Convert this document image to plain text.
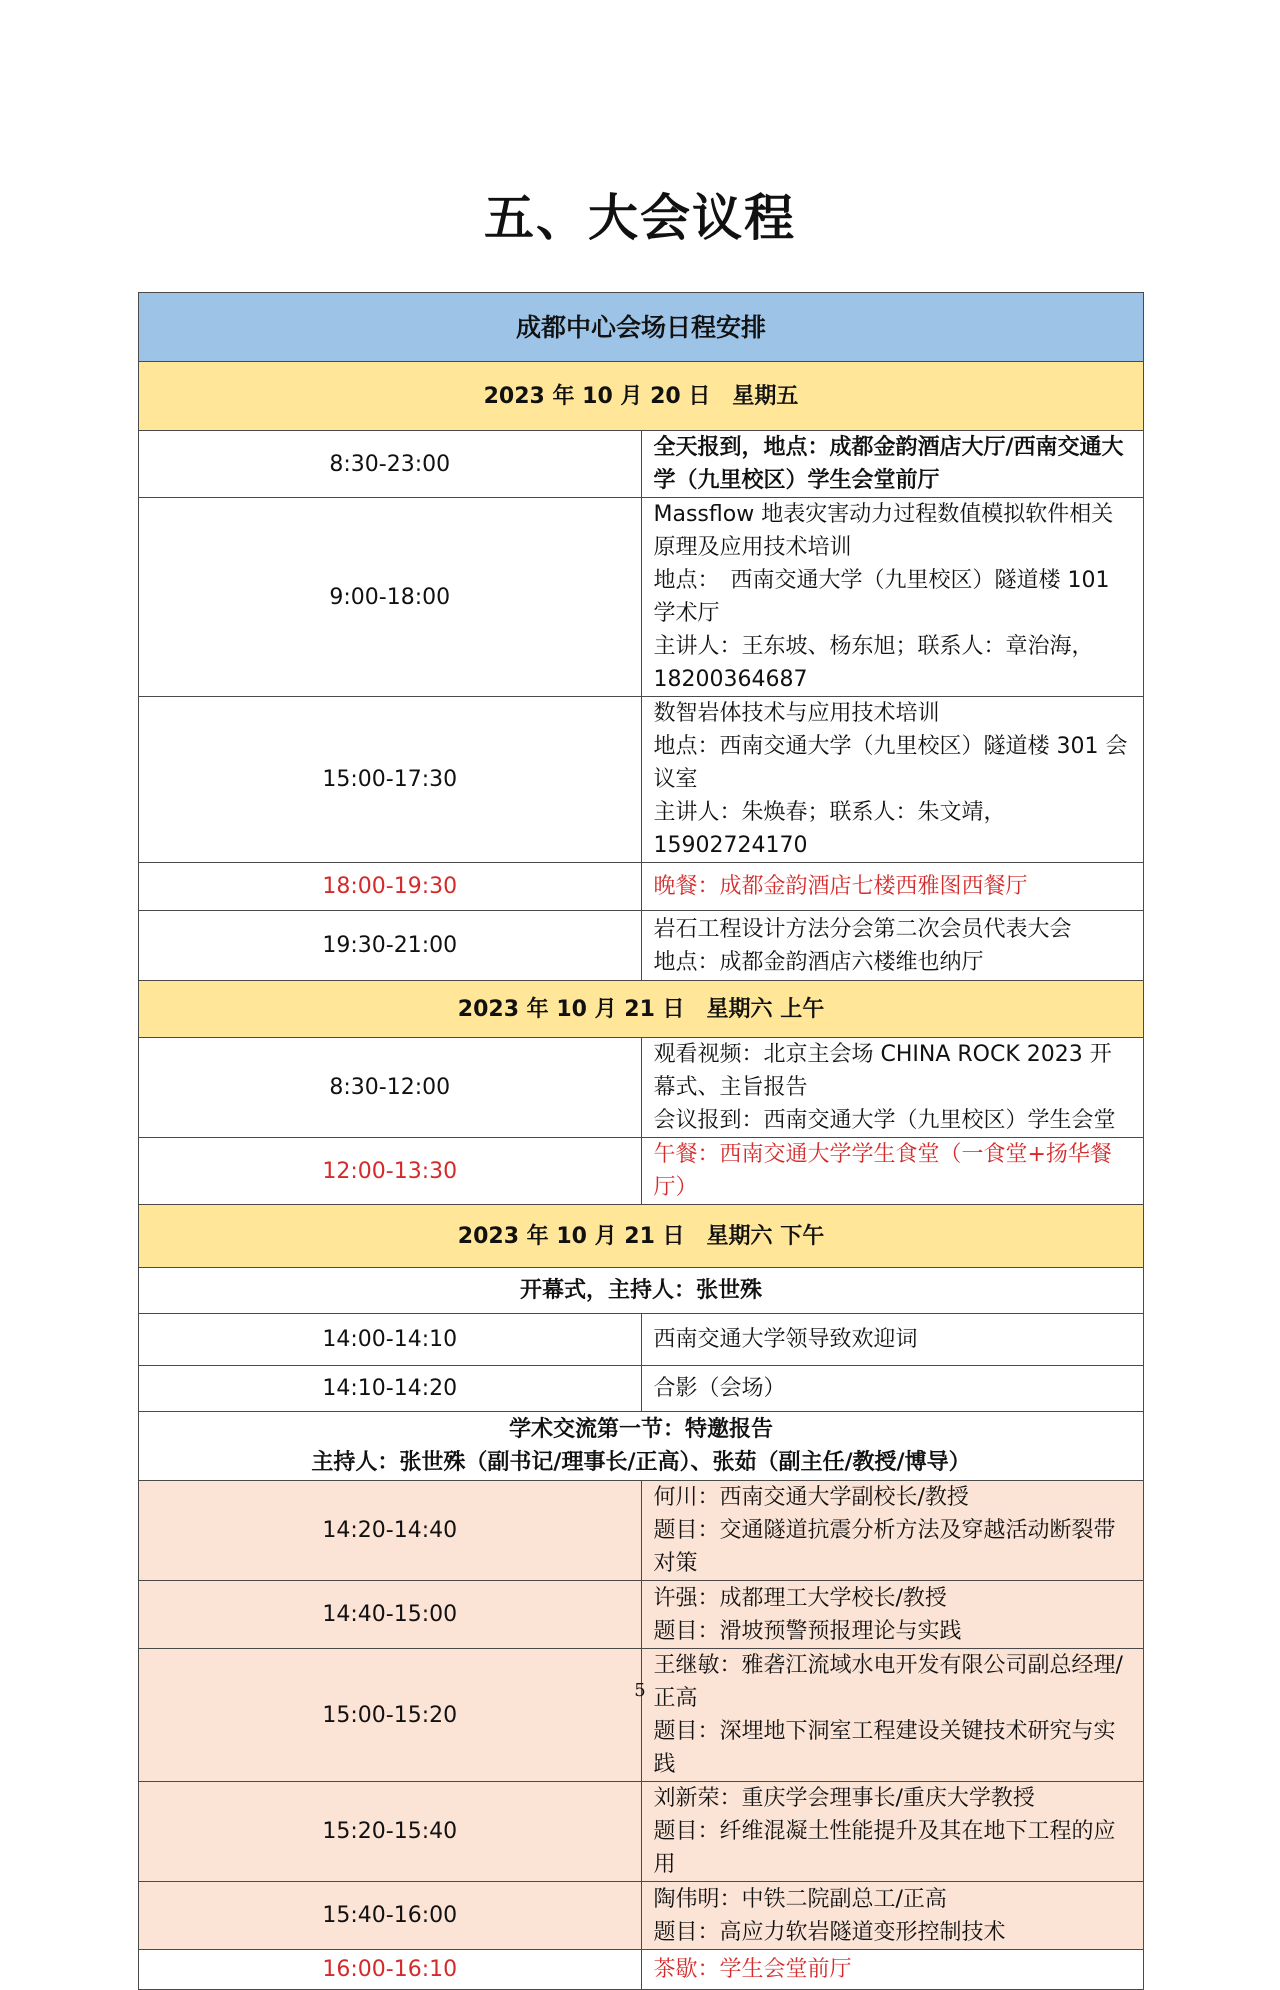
五、大会议程
成都中心会场日程安排	
2023 年 10 月 20 日　星期五	
8:30-23:00	全天报到，地点：成都金韵酒店大厅/西南交通大学（九里校区）学生会堂前厅
9:00-18:00	Massflow 地表灾害动力过程数值模拟软件相关原理及应用技术培训
地点：　西南交通大学（九里校区）隧道楼 101 学术厅
主讲人：王东坡、杨东旭；联系人：章治海，18200364687

15:00-17:30	数智岩体技术与应用技术培训
地点：西南交通大学（九里校区）隧道楼 301 会议室
主讲人：朱焕春；联系人：朱文靖，15902724170

18:00-19:30	晚餐：成都金韵酒店七楼西雅图西餐厅
19:30-21:00	岩石工程设计方法分会第二次会员代表大会
地点：成都金韵酒店六楼维也纳厅

2023 年 10 月 21 日　星期六 上午	
8:30-12:00	观看视频：北京主会场 CHINA ROCK 2023 开幕式、主旨报告
会议报到：西南交通大学（九里校区）学生会堂

12:00-13:30	午餐：西南交通大学学生食堂（一食堂+扬华餐厅）
2023 年 10 月 21 日　星期六 下午	
开幕式，主持人：张世殊	
14:00-14:10	西南交通大学领导致欢迎词
14:10-14:20	合影（会场）

学术交流第一节：特邀报告
主持人：张世殊（副书记/理事长/正高）、张茹（副主任/教授/博导）	

14:20-14:40	何川：西南交通大学副校长/教授
题目：交通隧道抗震分析方法及穿越活动断裂带对策

14:40-15:00	许强：成都理工大学校长/教授
题目：滑坡预警预报理论与实践

15:00-15:20	王继敏：雅砻江流域水电开发有限公司副总经理/正高
题目：深埋地下洞室工程建设关键技术研究与实践

15:20-15:40	刘新荣：重庆学会理事长/重庆大学教授
题目：纤维混凝土性能提升及其在地下工程的应用

15:40-16:00	陶伟明：中铁二院副总工/正高
题目：高应力软岩隧道变形控制技术

16:00-16:10	茶歇：学生会堂前厅
5
